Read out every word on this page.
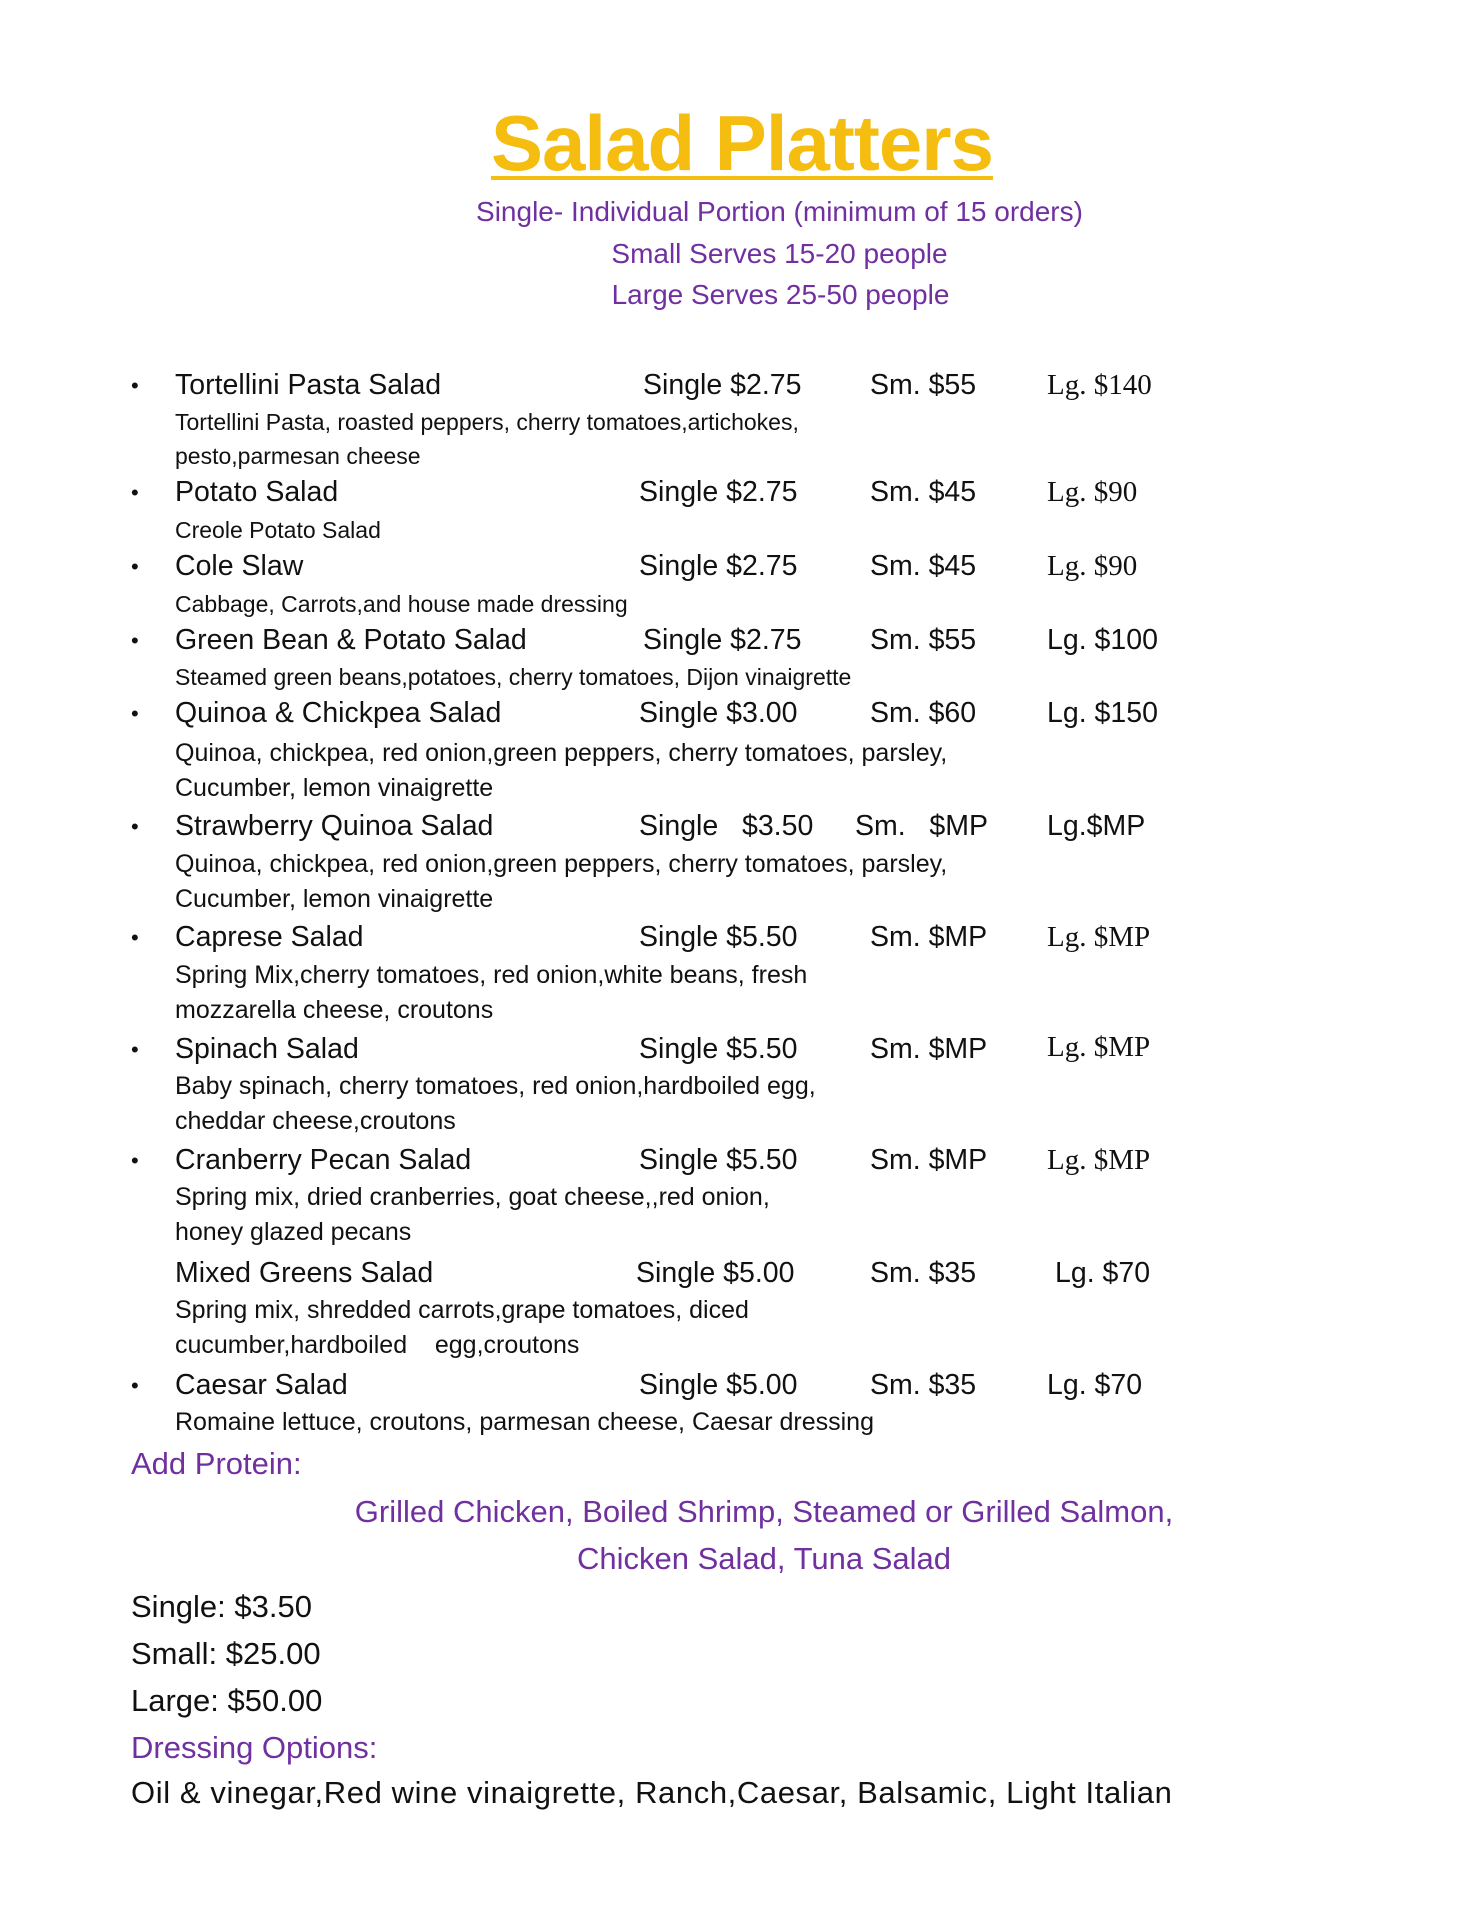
Salad Platters
Single- Individual Portion (minimum of 15 orders)
Small Serves 15-20 people
Large Serves 25-50 people
• Tortellini Pasta Salad	Single $2.75 Sm. $55 Lg. $140
Tortellini Pasta, roasted peppers, cherry tomatoes,artichokes,
pesto,parmesan cheese
• Potato Salad	Single $2.75	Sm. $45 Lg. $90
Creole Potato Salad
• Cole Slaw	Single $2.75	Sm. $45 Lg. $90
Cabbage, Carrots,and house made dressing
• Green Bean & Potato Salad	Single $2.75 Sm. $55 Lg. $100
Steamed green beans,potatoes, cherry tomatoes, Dijon vinaigrette
• Quinoa & Chickpea Salad	Single $3.00	Sm. $60 Lg. $150
Quinoa, chickpea, red onion,green peppers, cherry tomatoes, parsley,
Cucumber, lemon vinaigrette
• Strawberry Quinoa Salad	Single   $3.50 Sm.   $MP Lg.$MP
Quinoa, chickpea, red onion,green peppers, cherry tomatoes, parsley,
Cucumber, lemon vinaigrette
• Caprese Salad	Single $5.50	Sm. $MP Lg. $MP
Spring Mix,cherry tomatoes, red onion,white beans, fresh
mozzarella cheese, croutons
• Spinach Salad	Single $5.50	Sm. $MP Lg. $MP
Baby spinach, cherry tomatoes, red onion,hardboiled egg,
cheddar cheese,croutons
• Cranberry Pecan Salad	Single $5.50	Sm. $MP Lg. $MP
Spring mix, dried cranberries, goat cheese,,red onion,
honey glazed pecans
Mixed Greens Salad	Single $5.00	Sm. $35	Lg. $70
Spring mix, shredded carrots,grape tomatoes, diced
cucumber,hardboiled    egg,croutons
• Caesar Salad	Single $5.00	Sm. $35 Lg. $70
Romaine lettuce, croutons, parmesan cheese, Caesar dressing
Add Protein:
Grilled Chicken, Boiled Shrimp, Steamed or Grilled Salmon,
Chicken Salad, Tuna Salad
Single: $3.50
Small: $25.00
Large: $50.00
Dressing Options:
Oil & vinegar,Red wine vinaigrette, Ranch,Caesar, Balsamic, Light Italian
